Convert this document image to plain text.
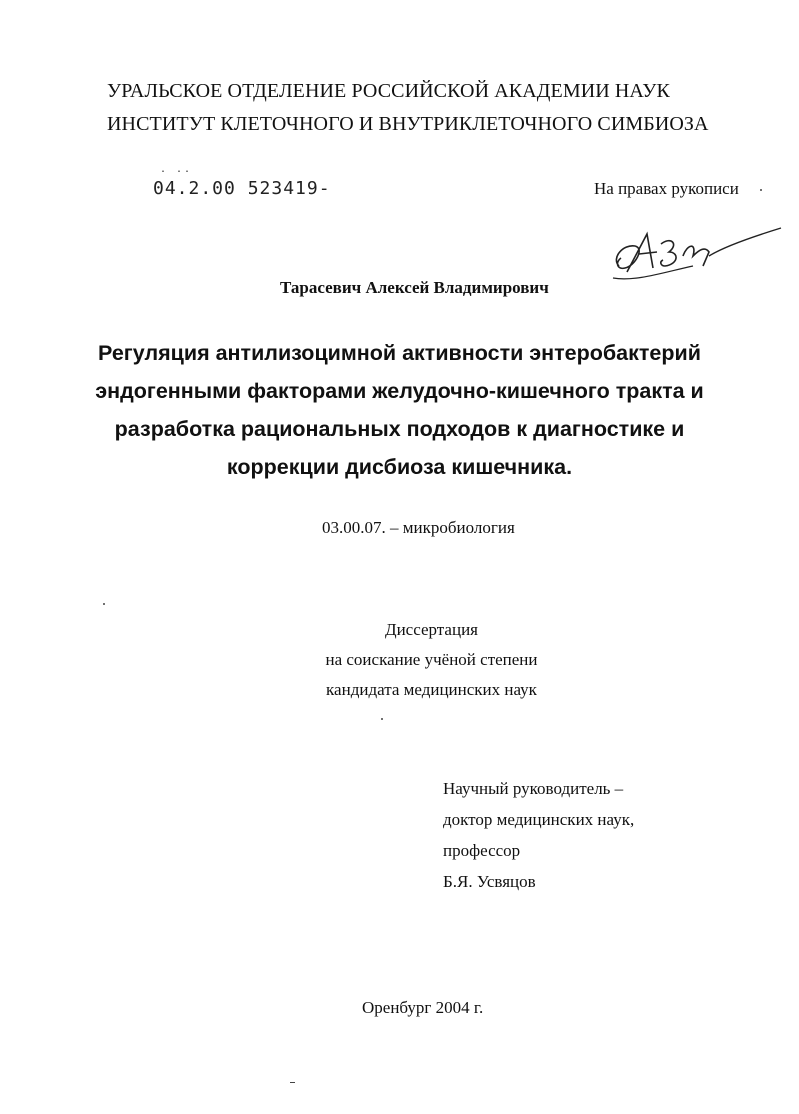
УРАЛЬСКОЕ ОТДЕЛЕНИЕ РОССИЙСКОЙ АКАДЕМИИ НАУК
ИНСТИТУТ КЛЕТОЧНОГО И ВНУТРИКЛЕТОЧНОГО СИМБИОЗА
. ..
04.2.00 523419-	На правах рукописи
Тарасевич Алексей Владимирович
Регуляция антилизоцимной активности энтеробактерий
эндогенными факторами желудочно-кишечного тракта и
разработка рациональных подходов к диагностике и
коррекции дисбиоза кишечника.
03.00.07. – микробиология
Диссертация
на соискание учёной степени
кандидата медицинских наук
Научный руководитель –
доктор медицинских наук,
профессор
Б.Я. Усвяцов
Оренбург 2004 г.
